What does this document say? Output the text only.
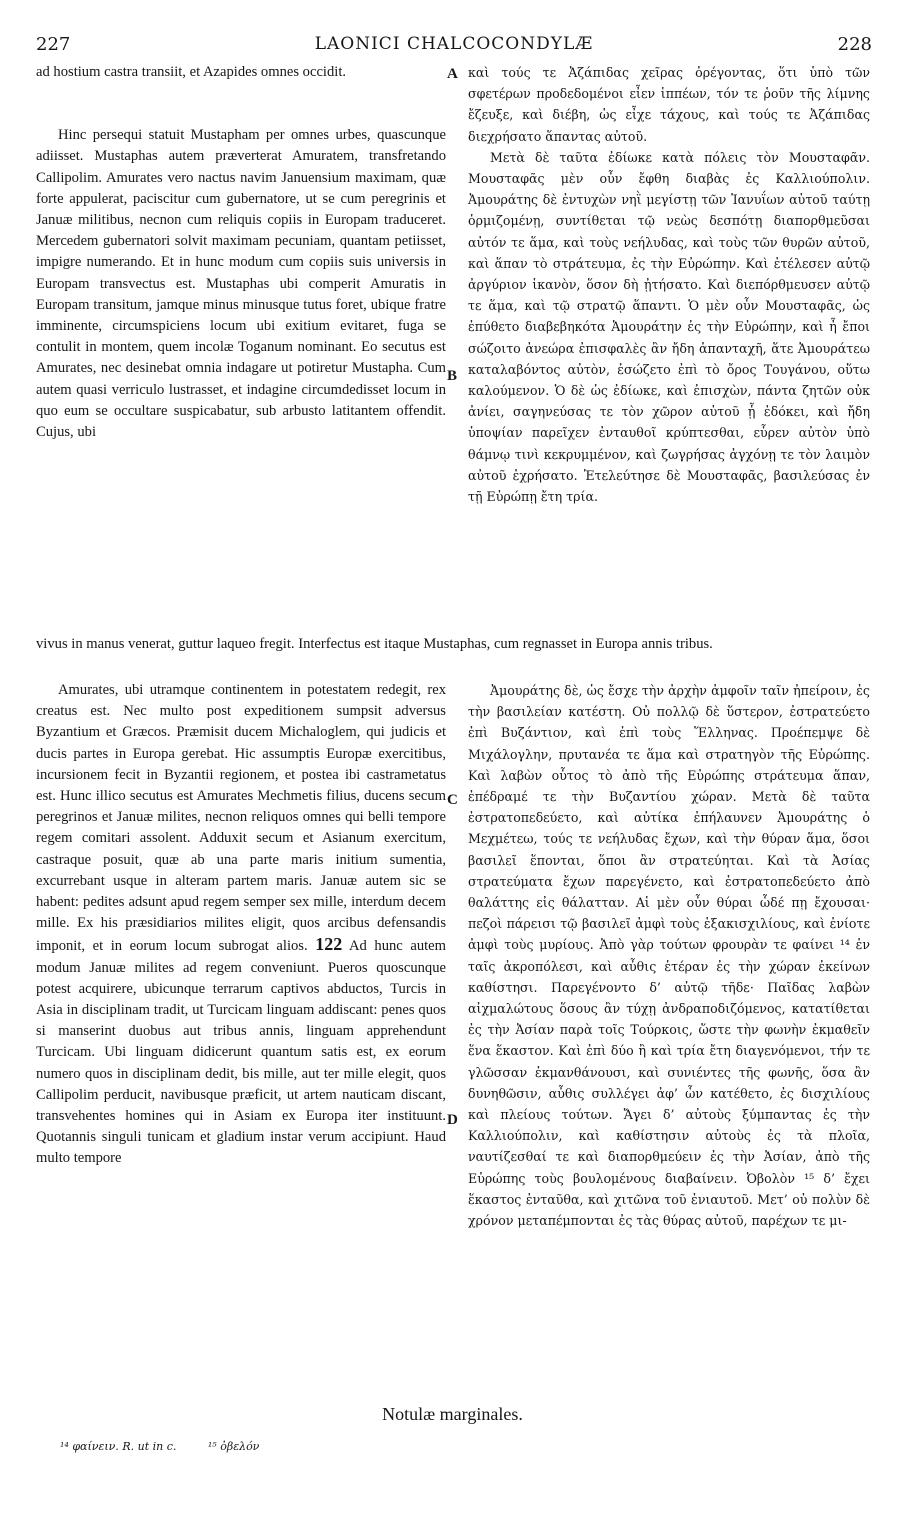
227	LAONICI CHALCOCONDYLÆ	228

ad hostium castra transiit, et Azapides omnes occidit.

Hinc persequi statuit Mustapham per omnes urbes, quascunque adiisset. Mustaphas autem præverterat Amuratem, transfretando Callipolim. Amurates vero nactus navim Januensium maximam, quæ forte appulerat, paciscitur cum gubernatore, ut se cum peregrinis et Januæ militibus, necnon cum reliquis copiis in Europam traduceret. Mercedem gubernatori solvit maximam pecuniam, quantam petiisset, impigre numerando. Et in hunc modum cum copiis suis universis in Europam transvectus est. Mustaphas ubi comperit Amuratis in Europam transitum, jamque minus minusque tutus foret, ubique fratre imminente, circumspiciens locum ubi exitium evitaret, fuga se contulit in montem, quem incolæ Toganum nominant. Eo secutus est Amurates, nec desinebat omnia indagare ut potiretur Mustapha. Cum autem quasi verriculo lustrasset, et indagine circumdedisset locum in quo eum se occultare suspicabatur, sub arbusto latitantem offendit. Cujus, ubi

καὶ τούς τε Ἀζάπιδας χεῖρας ὀρέγοντας, ὅτι ὑπὸ τῶν σφετέρων προδεδομένοι εἶεν ἱππέων, τόν τε ῥοῦν τῆς λίμνης ἔζευξε, καὶ διέβη, ὡς εἶχε τάχους, καὶ τούς τε Ἀζάπιδας διεχρήσατο ἅπαντας αὐτοῦ.

Μετὰ δὲ ταῦτα ἐδίωκε κατὰ πόλεις τὸν Μουσταφᾶν. Μουσταφᾶς μὲν οὖν ἔφθη διαβὰς ἐς Καλλιούπολιν. Ἀμουράτης δὲ ἐντυχὼν νηῒ μεγίστῃ τῶν Ἰανυΐων αὐτοῦ ταύτῃ ὁρμιζομένῃ, συντίθεται τῷ νεὼς δεσπότῃ διαπορθμεῦσαι αὐτόν τε ἅμα, καὶ τοὺς νεήλυδας, καὶ τοὺς τῶν θυρῶν αὐτοῦ, καὶ ἅπαν τὸ στράτευμα, ἐς τὴν Εὐρώπην. Καὶ ἐτέλεσεν αὐτῷ ἀργύριον ἱκανὸν, ὅσον δὴ ᾐτήσατο. Καὶ διεπόρθμευσεν αὐτῷ τε ἅμα, καὶ τῷ στρατῷ ἅπαντι. Ὁ μὲν οὖν Μουσταφᾶς, ὡς ἐπύθετο διαβεβηκότα Ἀμουράτην ἐς τὴν Εὐρώπην, καὶ ἦ ἔποι σώζοιτο ἀνεώρα ἐπισφαλὲς ἂν ἤδη ἀπανταχῆ, ἅτε Ἀμουράτεω καταλαβόντος αὐτὸν, ἐσώζετο ἐπὶ τὸ ὄρος Τουγάνου, οὕτω καλούμενον. Ὁ δὲ ὡς ἐδίωκε, καὶ ἐπισχὼν, πάντα ζητῶν οὐκ ἀνίει, σαγηνεύσας τε τὸν χῶρον αὐτοῦ ᾗ ἐδόκει, καὶ ἤδη ὑποψίαν παρεῖχεν ἐνταυθοῖ κρύπτεσθαι, εὗρεν αὐτὸν ὑπὸ θάμνῳ τινὶ κεκρυμμένον, καὶ ζωγρήσας ἀγχόνῃ τε τὸν λαιμὸν αὐτοῦ ἐχρήσατο. Ἐτελεύτησε δὲ Μουσταφᾶς, βασιλεύσας ἐν τῇ Εὐρώπῃ ἔτη τρία.

vivus in manus venerat, guttur laqueo fregit. Interfectus est itaque Mustaphas, cum regnasset in Europa annis tribus.

Amurates, ubi utramque continentem in potestatem redegit, rex creatus est. Nec multo post expeditionem sumpsit adversus Byzantium et Græcos. Præmisit ducem Michaloglem, qui judicis et ducis partes in Europa gerebat. Hic assumptis Europæ exercitibus, incursionem fecit in Byzantii regionem, et postea ibi castrametatus est. Hunc illico secutus est Amurates Mechmetis filius, ducens secum peregrinos et Januæ milites, necnon reliquos omnes qui belli tempore regem comitari assolent. Adduxit secum et Asianum exercitum, castraque posuit, quæ ab una parte maris initium sumentia, excurrebant usque in alteram partem maris. Januæ autem sic se habent: pedites adsunt apud regem semper sex mille, interdum decem mille. Ex his præsidiarios milites eligit, quos arcibus defensandis imponit, et in eorum locum subrogat alios. 122 Ad hunc autem modum Januæ milites ad regem conveniunt. Pueros quoscunque potest acquirere, ubicunque terrarum captivos abductos, Turcis in Asia in disciplinam tradit, ut Turcicam linguam addiscant: penes quos si manserint duobus aut tribus annis, linguam apprehendunt Turcicam. Ubi linguam didicerunt quantum satis est, ex eorum numero quos in disciplinam dedit, bis mille, aut ter mille elegit, quos Callipolim perducit, navibusque præficit, ut artem nauticam discant, transvehentes homines qui in Asiam ex Europa iter instituunt. Quotannis singuli tunicam et gladium instar verum accipiunt. Haud multo tempore

Ἀμουράτης δὲ, ὡς ἔσχε τὴν ἀρχὴν ἀμφοῖν ταῖν ἠπείροιν, ἐς τὴν βασιλείαν κατέστη. Οὐ πολλῷ δὲ ὕστερον, ἐστρατεύετο ἐπὶ Βυζάντιον, καὶ ἐπὶ τοὺς Ἕλληνας. Προέπεμψε δὲ Μιχάλογλην, πρυτανέα τε ἅμα καὶ στρατηγὸν τῆς Εὐρώπης. Καὶ λαβὼν οὗτος τὸ ἀπὸ τῆς Εὐρώπης στράτευμα ἅπαν, ἐπέδραμέ τε τὴν Βυζαντίου χώραν. Μετὰ δὲ ταῦτα ἐστρατοπεδεύετο, καὶ αὐτίκα ἐπήλαυνεν Ἀμουράτης ὁ Μεχμέτεω, τούς τε νεήλυδας ἔχων, καὶ τὴν θύραν ἅμα, ὅσοι βασιλεῖ ἕπονται, ὅποι ἂν στρατεύηται. Καὶ τὰ Ἀσίας στρατεύματα ἔχων παρεγένετο, καὶ ἐστρατοπεδεύετο ἀπὸ θαλάττης εἰς θάλατταν. Αἱ μὲν οὖν θύραι ὧδέ πῃ ἔχουσαι· πεζοὶ πάρεισι τῷ βασιλεῖ ἀμφὶ τοὺς ἑξακισχιλίους, καὶ ἐνίοτε ἀμφὶ τοὺς μυρίους. Ἀπὸ γὰρ τούτων φρουρὰν τε φαίνει ¹⁴ ἐν ταῖς ἀκροπόλεσι, καὶ αὖθις ἑτέραν ἐς τὴν χώραν ἐκείνων καθίστησι. Παρεγένοντο δ’ αὐτῷ τῆδε· Παῖδας λαβὼν αἰχμαλώτους ὅσους ἂν τύχῃ ἀνδραποδιζόμενος, κατατίθεται ἐς τὴν Ἀσίαν παρὰ τοῖς Τούρκοις, ὥστε τὴν φωνὴν ἐκμαθεῖν ἕνα ἕκαστον. Καὶ ἐπὶ δύο ἢ καὶ τρία ἔτη διαγενόμενοι, τήν τε γλῶσσαν ἐκμανθάνουσι, καὶ συνιέντες τῆς φωνῆς, ὅσα ἂν δυνηθῶσιν, αὖθις συλλέγει ἀφ’ ὧν κατέθετο, ἐς δισχιλίους καὶ πλείους τούτων. Ἄγει δ’ αὐτοὺς ξύμπαντας ἐς τὴν Καλλιούπολιν, καὶ καθίστησιν αὐτοὺς ἐς τὰ πλοῖα, ναυτίζεσθαί τε καὶ διαπορθμεύειν ἐς τὴν Ἀσίαν, ἀπὸ τῆς Εὐρώπης τοὺς βουλομένους διαβαίνειν. Ὀβολὸν ¹⁵ δ’ ἔχει ἕκαστος ἐνταῦθα, καὶ χιτῶνα τοῦ ἐνιαυτοῦ. Μετ’ οὐ πολὺν δὲ χρόνον μεταπέμπονται ἐς τὰς θύρας αὐτοῦ, παρέχων τε μι-

A
B
C
D
Notulæ marginales.
¹⁴ φαίνειν. R. ut in c.	¹⁵ ὀβελόν
